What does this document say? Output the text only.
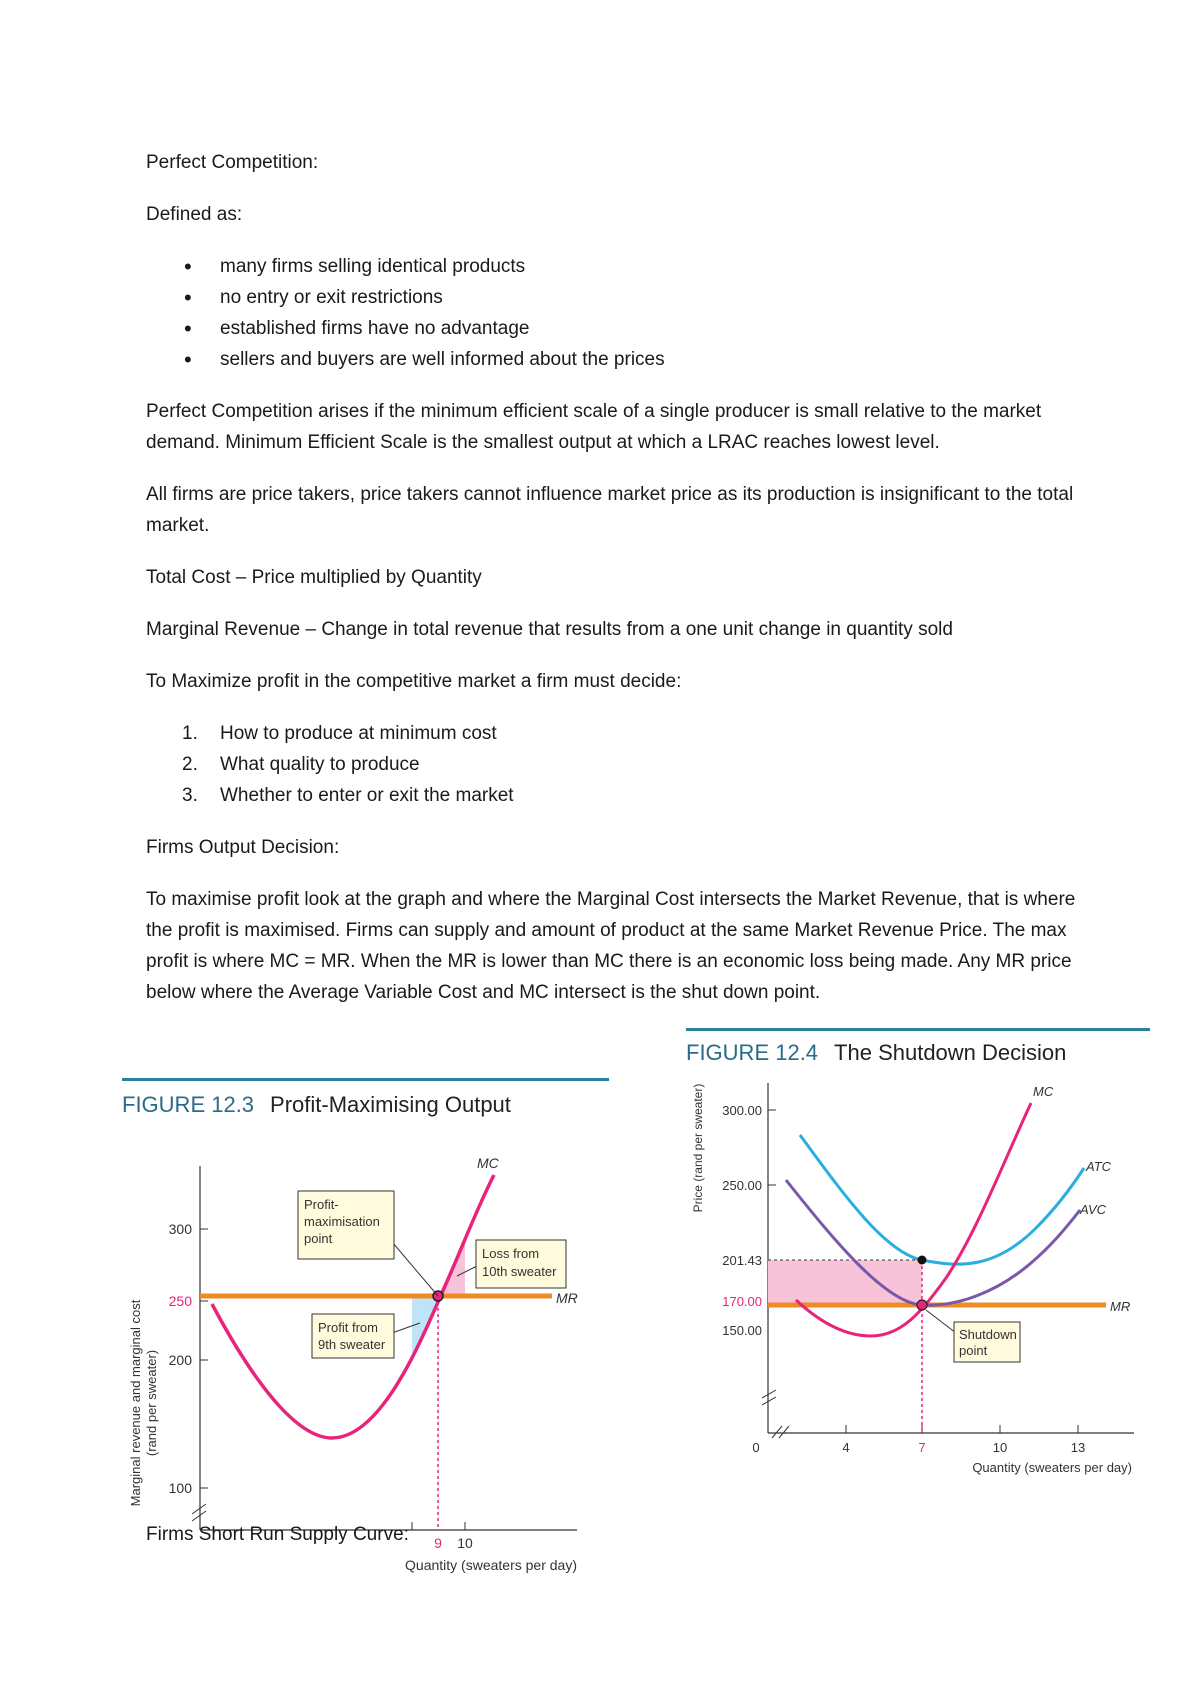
Perfect Competition:

Defined as:

• many firms selling identical products
• no entry or exit restrictions
• established firms have no advantage
• sellers and buyers are well informed about the prices

Perfect Competition arises if the minimum efficient scale of a single producer is small relative to the market demand. Minimum Efficient Scale is the smallest output at which a LRAC reaches lowest level.

All firms are price takers, price takers cannot influence market price as its production is insignificant to the total market.

Total Cost – Price multiplied by Quantity

Marginal Revenue – Change in total revenue that results from a one unit change in quantity sold

To Maximize profit in the competitive market a firm must decide:

1. How to produce at minimum cost
2. What quality to produce
3. Whether to enter or exit the market

Firms Output Decision:

To maximise profit look at the graph and where the Marginal Cost intersects the Market Revenue, that is where the profit is maximised. Firms can supply and amount of product at the same Market Revenue Price. The max profit is where MC = MR. When the MR is lower than MC there is an economic loss being made. Any MR price below where the Average Variable Cost and MC intersect is the shut down point.

FIGURE 12.3 Profit-Maximising Output
Marginal revenue and marginal cost (rand per sweater)
300
250
200
100
9 10
Quantity (sweaters per day)
MR
MC
Profit-
maximisation
point
Loss from
10th sweater
Profit from
9th sweater
FIGURE 12.4 The Shutdown Decision
Price (rand per sweater) 300.00
250.00
201.43
170.00
150.00
0	4	7	10	13
Quantity (sweaters per day)
MR
ATC
AVC
MC
Shutdown
point
Firms Short Run Supply Curve:
